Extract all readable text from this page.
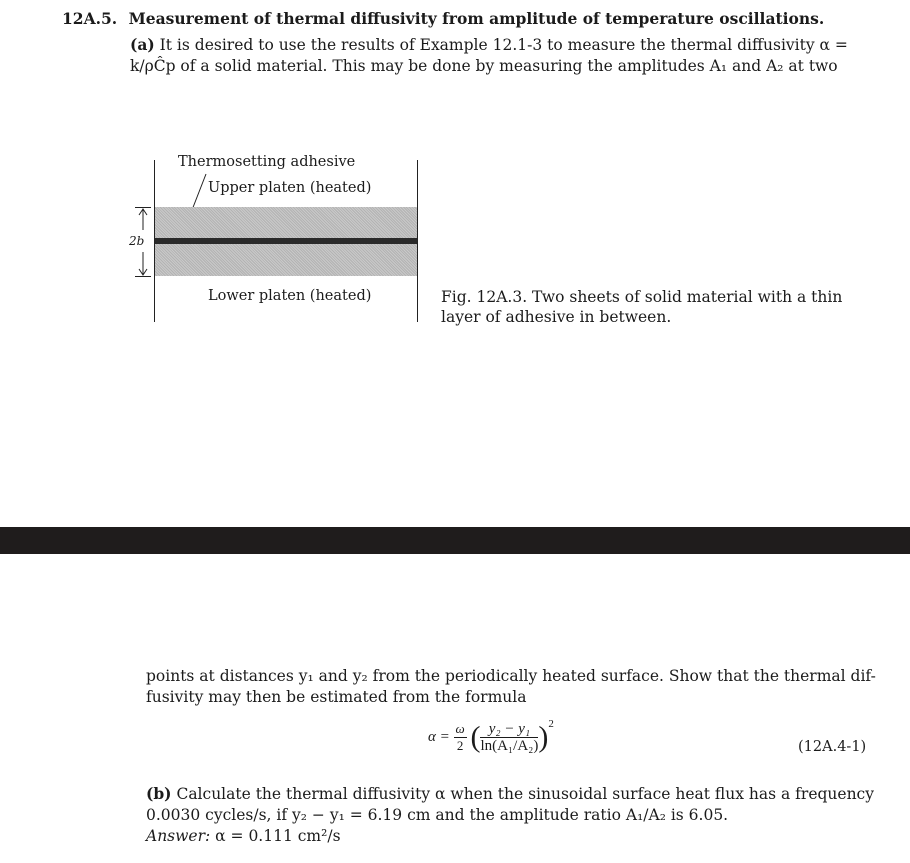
12A.5. Measurement of thermal diffusivity from amplitude of temperature oscillations.
(a) It is desired to use the results of Example 12.1-3 to measure the thermal diffusivity α =
k/ρĈp of a solid material. This may be done by measuring the amplitudes A₁ and A₂ at two
Thermosetting adhesive
Upper platen (heated)
2b
Lower platen (heated)	Fig. 12A.3. Two sheets of solid material with a thin
layer of adhesive in between.
points at distances y₁ and y₂ from the periodically heated surface. Show that the thermal dif-
fusivity may then be estimated from the formula
$\alpha = \frac{\omega}{2}$ ( $\frac{\text{y₂ − y₁}}{\text{ln(A₁/A₂)}} )^2$
(12A.4-1)
(b) Calculate the thermal diffusivity α when the sinusoidal surface heat flux has a frequency
0.0030 cycles/s, if y₂ − y₁ = 6.19 cm and the amplitude ratio A₁/A₂ is 6.05.
Answer: α = 0.111 cm²/s
